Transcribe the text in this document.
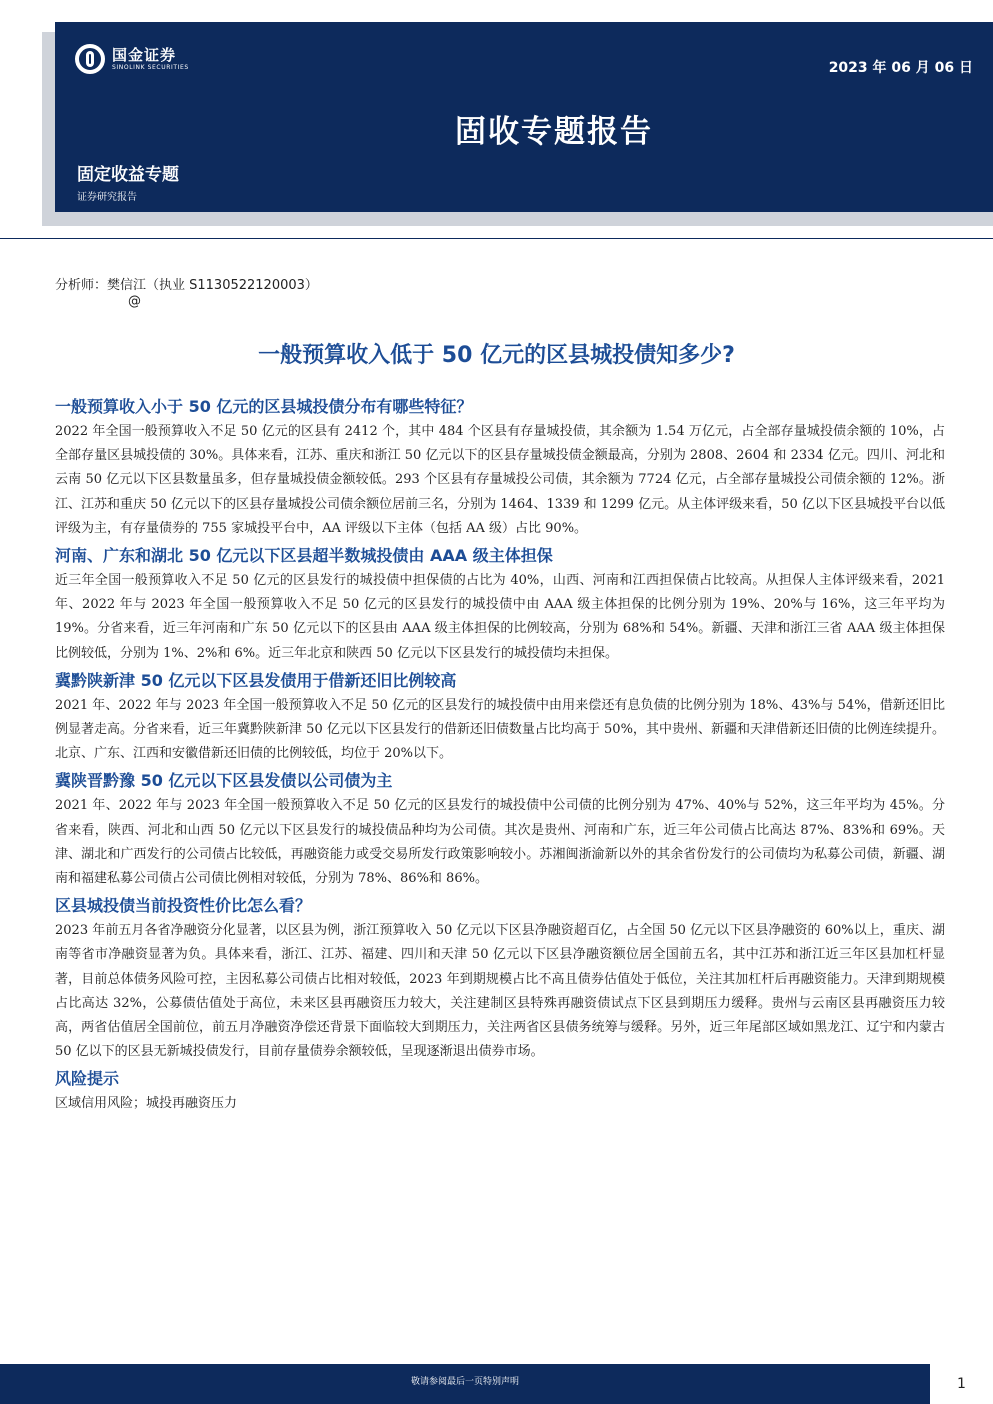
国金证券
SINOLINK SECURITIES	2023 年 06 月 06 日
固收专题报告
固定收益专题
证券研究报告
分析师：樊信江（执业 S1130522120003）
@
一般预算收入低于 50 亿元的区县城投债知多少?
一般预算收入小于 50 亿元的区县城投债分布有哪些特征？

2022 年全国一般预算收入不足 50 亿元的区县有 2412 个，其中 484 个区县有存量城投债，其余额为 1.54 万亿元，占全部存量城投债余额的 10%，占全部存量区县城投债的 30%。具体来看，江苏、重庆和浙江 50 亿元以下的区县存量城投债金额最高，分别为 2808、2604 和 2334 亿元。四川、河北和云南 50 亿元以下区县数量虽多，但存量城投债金额较低。293 个区县有存量城投公司债，其余额为 7724 亿元，占全部存量城投公司债余额的 12%。浙江、江苏和重庆 50 亿元以下的区县存量城投公司债余额位居前三名，分别为 1464、1339 和 1299 亿元。从主体评级来看，50 亿以下区县城投平台以低评级为主，有存量债券的 755 家城投平台中，AA 评级以下主体（包括 AA 级）占比 90%。

河南、广东和湖北 50 亿元以下区县超半数城投债由 AAA 级主体担保

近三年全国一般预算收入不足 50 亿元的区县发行的城投债中担保债的占比为 40%，山西、河南和江西担保债占比较高。从担保人主体评级来看，2021 年、2022 年与 2023 年全国一般预算收入不足 50 亿元的区县发行的城投债中由 AAA 级主体担保的比例分别为 19%、20%与 16%，这三年平均为 19%。分省来看，近三年河南和广东 50 亿元以下的区县由 AAA 级主体担保的比例较高，分别为 68%和 54%。新疆、天津和浙江三省 AAA 级主体担保比例较低，分别为 1%、2%和 6%。近三年北京和陕西 50 亿元以下区县发行的城投债均未担保。

冀黔陕新津 50 亿元以下区县发债用于借新还旧比例较高

2021 年、2022 年与 2023 年全国一般预算收入不足 50 亿元的区县发行的城投债中由用来偿还有息负债的比例分别为 18%、43%与 54%，借新还旧比例显著走高。分省来看，近三年冀黔陕新津 50 亿元以下区县发行的借新还旧债数量占比均高于 50%，其中贵州、新疆和天津借新还旧债的比例连续提升。北京、广东、江西和安徽借新还旧债的比例较低，均位于 20%以下。

冀陕晋黔豫 50 亿元以下区县发债以公司债为主

2021 年、2022 年与 2023 年全国一般预算收入不足 50 亿元的区县发行的城投债中公司债的比例分别为 47%、40%与 52%，这三年平均为 45%。分省来看，陕西、河北和山西 50 亿元以下区县发行的城投债品种均为公司债。其次是贵州、河南和广东，近三年公司债占比高达 87%、83%和 69%。天津、湖北和广西发行的公司债占比较低，再融资能力或受交易所发行政策影响较小。苏湘闽浙渝新以外的其余省份发行的公司债均为私募公司债，新疆、湖南和福建私募公司债占公司债比例相对较低，分别为 78%、86%和 86%。

区县城投债当前投资性价比怎么看？

2023 年前五月各省净融资分化显著，以区县为例，浙江预算收入 50 亿元以下区县净融资超百亿，占全国 50 亿元以下区县净融资的 60%以上，重庆、湖南等省市净融资显著为负。具体来看，浙江、江苏、福建、四川和天津 50 亿元以下区县净融资额位居全国前五名，其中江苏和浙江近三年区县加杠杆显著，目前总体债务风险可控，主因私募公司债占比相对较低，2023 年到期规模占比不高且债券估值处于低位，关注其加杠杆后再融资能力。天津到期规模占比高达 32%，公募债估值处于高位，未来区县再融资压力较大，关注建制区县特殊再融资债试点下区县到期压力缓释。贵州与云南区县再融资压力较高，两省估值居全国前位，前五月净融资净偿还背景下面临较大到期压力，关注两省区县债务统筹与缓释。另外，近三年尾部区域如黑龙江、辽宁和内蒙古 50 亿以下的区县无新城投债发行，目前存量债券余额较低，呈现逐渐退出债券市场。

风险提示

区域信用风险；城投再融资压力

敬请参阅最后一页特别声明	1
